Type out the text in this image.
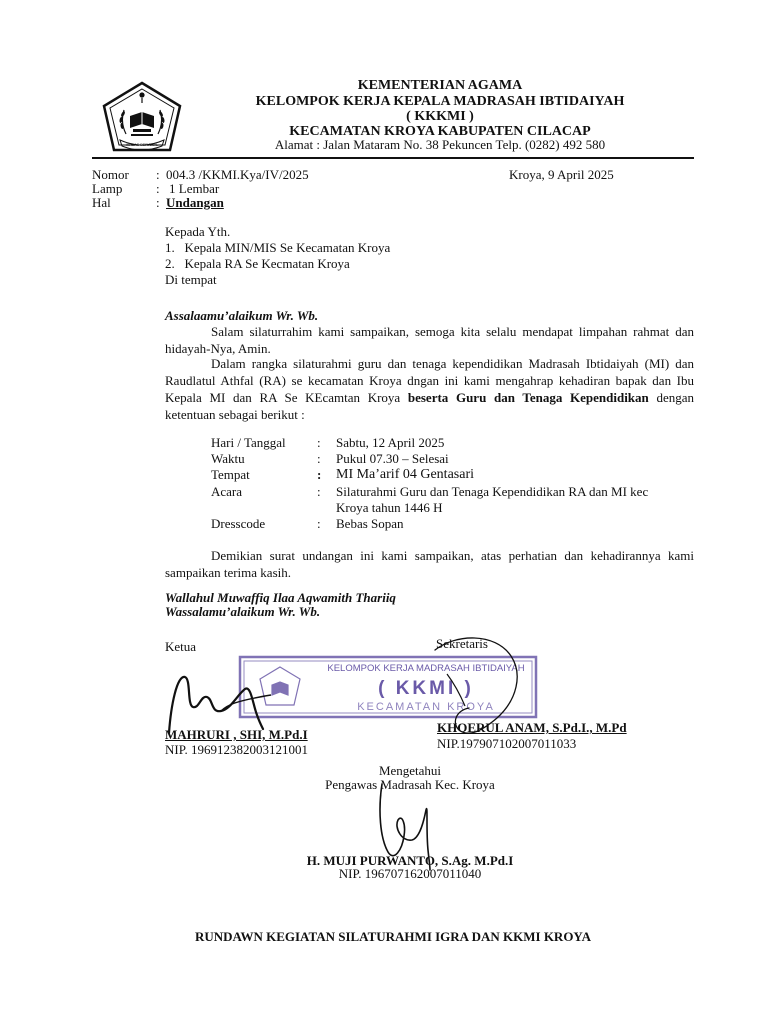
IKHLAS BERAMAL
KEMENTERIAN AGAMA
KELOMPOK KERJA KEPALA MADRASAH IBTIDAIYAH
( KKKMI )
KECAMATAN KROYA KABUPATEN CILACAP
Alamat : Jalan Mataram No. 38 Pekuncen Telp. (0282) 492 580
Nomor : 004.3 /KKMI.Kya/IV/2025	Kroya, 9 April 2025
Lamp	: 1 Lembar
Hal	: Undangan
Kepada Yth.
1.   Kepala MIN/MIS Se Kecamatan Kroya
2.   Kepala RA Se Kecmatan Kroya
Di tempat
Assalaamu’alaikum Wr. Wb.
Salam silaturrahim kami sampaikan, semoga kita selalu mendapat limpahan rahmat dan hidayah-Nya, Amin.
Dalam rangka silaturahmi guru dan tenaga kependidikan Madrasah Ibtidaiyah (MI) dan Raudlatul Athfal (RA) se kecamatan Kroya dngan ini kami mengahrap kehadiran bapak dan Ibu Kepala MI dan RA Se KEcamtan Kroya beserta Guru dan Tenaga Kependidikan dengan ketentuan sebagai berikut :
Hari / Tanggal : Sabtu, 12 April 2025
Waktu	: Pukul 07.30 – Selesai
Tempat	: MI Ma’arif 04 Gentasari
Acara	: Silaturahmi Guru dan Tenaga Kependidikan RA dan MI kec
Kroya tahun 1446 H
Dresscode	: Bebas Sopan
Demikian surat undangan ini kami sampaikan, atas perhatian dan kehadirannya kami sampaikan terima kasih.
Wallahul Muwaffiq Ilaa Aqwamith Thariiq
Wassalamu’alaikum Wr. Wb.
Ketua	Sekretaris
KELOMPOK KERJA MADRASAH IBTIDAIYAH
( KKMI )
KECAMATAN KROYA
MAHRURI , SHI, M.Pd.I
NIP. 196912382003121001
KHOERUL ANAM, S.Pd.I., M.Pd
NIP.197907102007011033
Mengetahui
Pengawas Madrasah Kec. Kroya
H. MUJI PURWANTO, S.Ag. M.Pd.I
NIP. 196707162007011040
RUNDAWN KEGIATAN SILATURAHMI IGRA DAN KKMI KROYA
